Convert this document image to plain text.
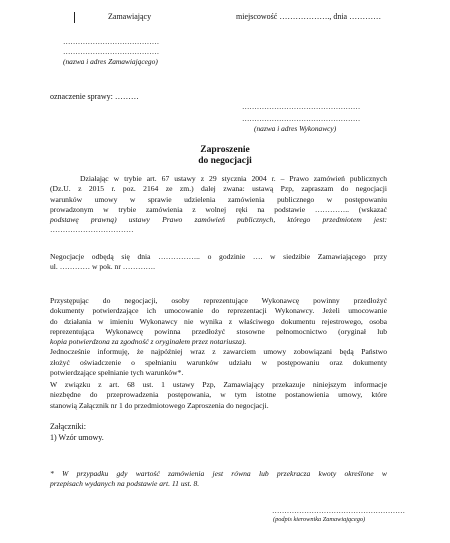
Zamawiający
…………………………………
…………………………………
(nazwa i adres Zamawiającego)
miejscowość ………………., dnia …………
oznaczenie sprawy: ………
…………………………………………
…………………………………………
(nazwa i adres Wykonawcy)
Zaproszenie
do negocjacji
Działając w trybie art. 67 ustawy z 29 stycznia 2004 r. – Prawo zamówień publicznych
(Dz.U. z 2015 r. poz. 2164 ze zm.) dalej zwana: ustawą Pzp, zapraszam do negocjacji
warunków umowy w sprawie udzielenia zamówienia publicznego w postępowaniu
prowadzonym w trybie zamówienia z wolnej ręki na podstawie ………….. (wskazać
podstawę prawną) ustawy Prawo zamówień publicznych, którego przedmiotem jest:
……………………………
Negocjacje odbędą się dnia …………….. o godzinie …. w siedzibie Zamawiającego przy
ul. ………… w pok. nr ………….
Przystępując do negocjacji, osoby reprezentujące Wykonawcę powinny przedłożyć
dokumenty potwierdzające ich umocowanie do reprezentacji Wykonawcy. Jeżeli umocowanie
do działania w imieniu Wykonawcy nie wynika z właściwego dokumentu rejestrowego, osoba
reprezentująca Wykonawcę powinna przedłożyć stosowne pełnomocnictwo (oryginał lub
kopia potwierdzona za zgodność z oryginałem przez notariusza).
Jednocześnie informuję, że najpóźniej wraz z zawarciem umowy zobowiązani będą Państwo
złożyć oświadczenie o spełnianiu warunków udziału w postępowaniu oraz dokumenty
potwierdzające spełnianie tych warunków*.
W związku z art. 68 ust. 1 ustawy Pzp, Zamawiający przekazuje niniejszym informacje
niezbędne do przeprowadzenia postępowania, w tym istotne postanowienia umowy, które
stanowią Załącznik nr 1 do przedmiotowego Zaproszenia do negocjacji.
Załączniki:
1) Wzór umowy.
* W przypadku gdy wartość zamówienia jest równa lub przekracza kwoty określone w
przepisach wydanych na podstawie art. 11 ust. 8.
………………………………………………
(podpis kierownika Zamawiającego)
